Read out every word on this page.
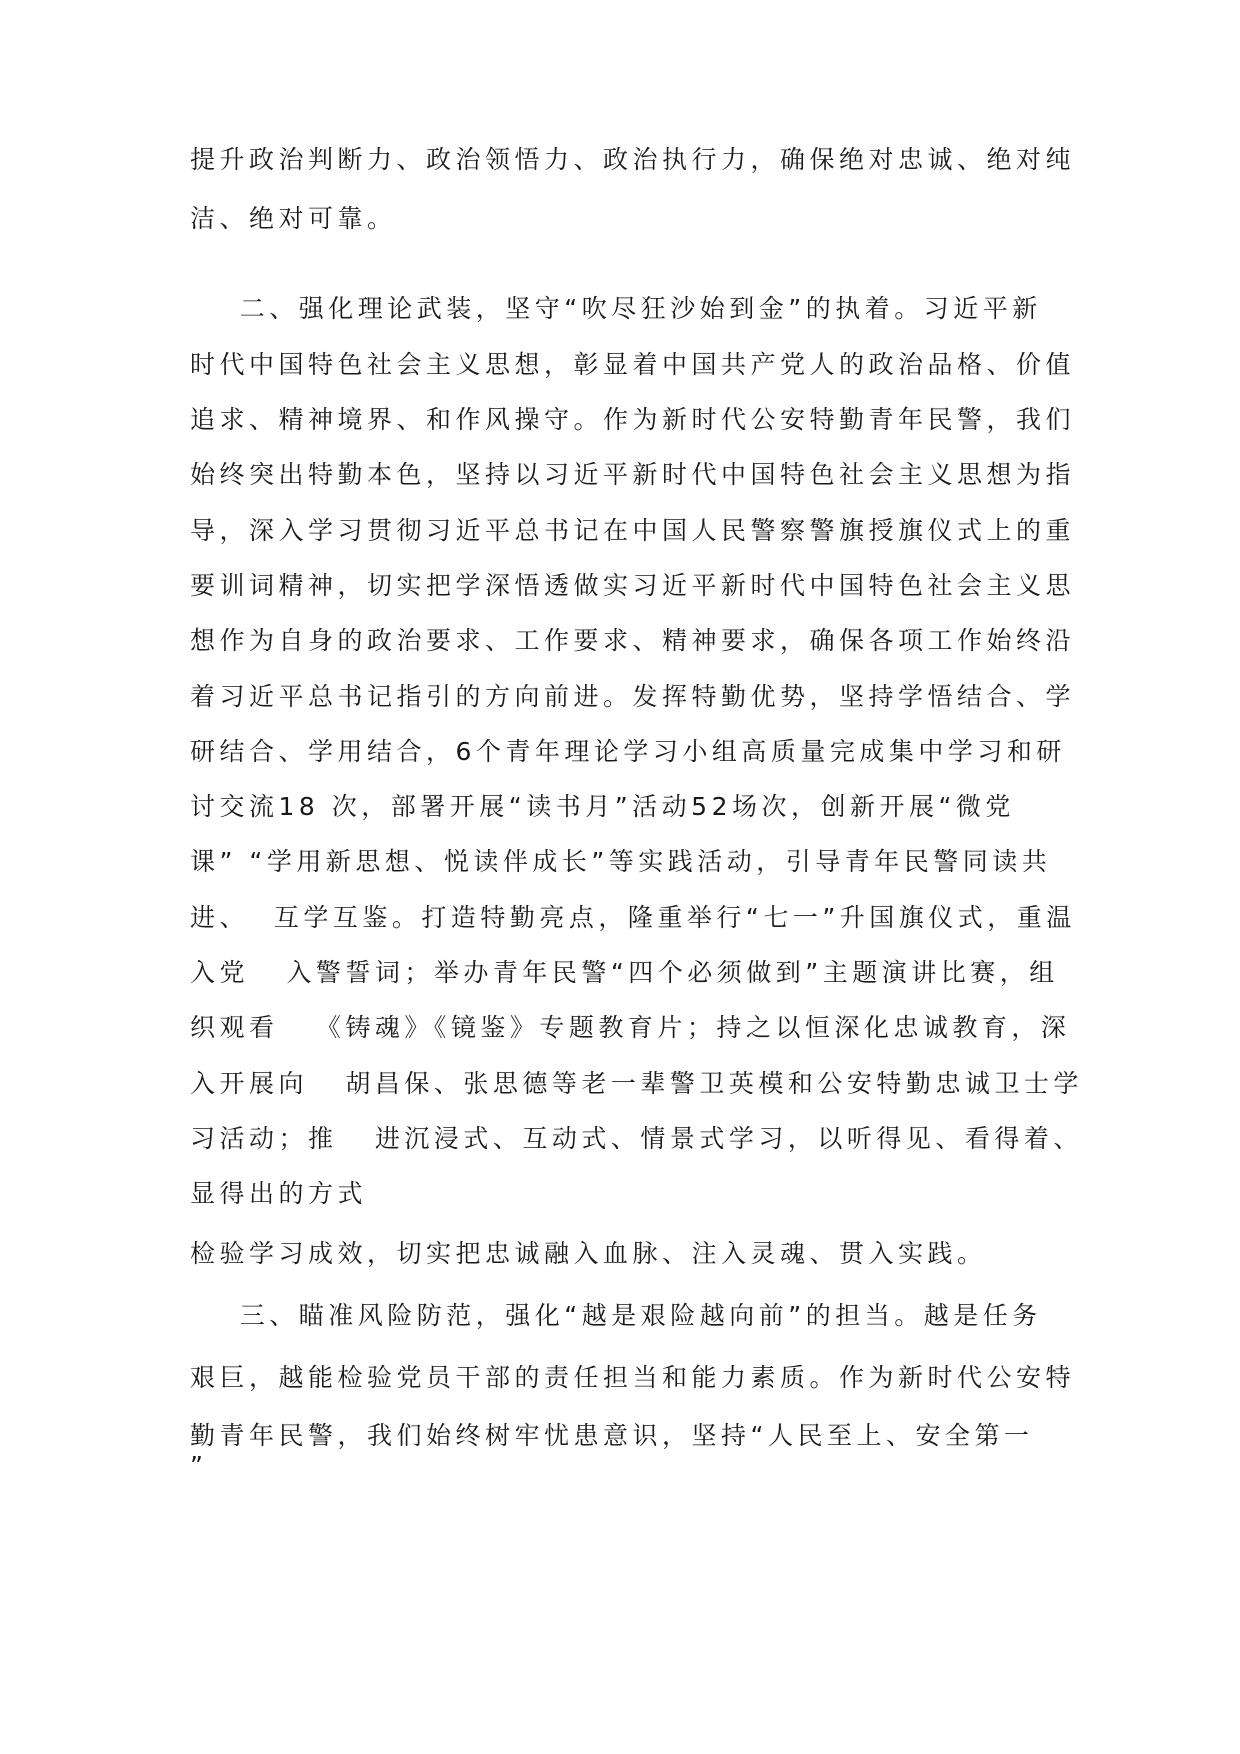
提升政治判断力、政治领悟力、政治执行力，确保绝对忠诚、绝对纯
洁、绝对可靠。
二、强化理论武装，坚守“吹尽狂沙始到金”的执着。习近平新
时代中国特色社会主义思想，彰显着中国共产党人的政治品格、价值
追求、精神境界、和作风操守。作为新时代公安特勤青年民警，我们
始终突出特勤本色，坚持以习近平新时代中国特色社会主义思想为指
导，深入学习贯彻习近平总书记在中国人民警察警旗授旗仪式上的重
要训词精神，切实把学深悟透做实习近平新时代中国特色社会主义思
想作为自身的政治要求、工作要求、精神要求，确保各项工作始终沿
着习近平总书记指引的方向前进。发挥特勤优势，坚持学悟结合、学
研结合、学用结合，6个青年理论学习小组高质量完成集中学习和研
讨交流18 次，部署开展“读书月”活动52场次，创新开展“微党
课” “学用新思想、悦读伴成长”等实践活动，引导青年民警同读共
进、  互学互鉴。打造特勤亮点，隆重举行“七一”升国旗仪式，重温
入党   入警誓词；举办青年民警“四个必须做到”主题演讲比赛，组
织观看   《铸魂》《镜鉴》专题教育片；持之以恒深化忠诚教育，深
入开展向   胡昌保、张思德等老一辈警卫英模和公安特勤忠诚卫士学
习活动；推   进沉浸式、互动式、情景式学习，以听得见、看得着、
显得出的方式
检验学习成效，切实把忠诚融入血脉、注入灵魂、贯入实践。
三、瞄准风险防范，强化“越是艰险越向前”的担当。越是任务
艰巨，越能检验党员干部的责任担当和能力素质。作为新时代公安特
勤青年民警，我们始终树牢忧患意识，坚持“人民至上、安全第一
”
